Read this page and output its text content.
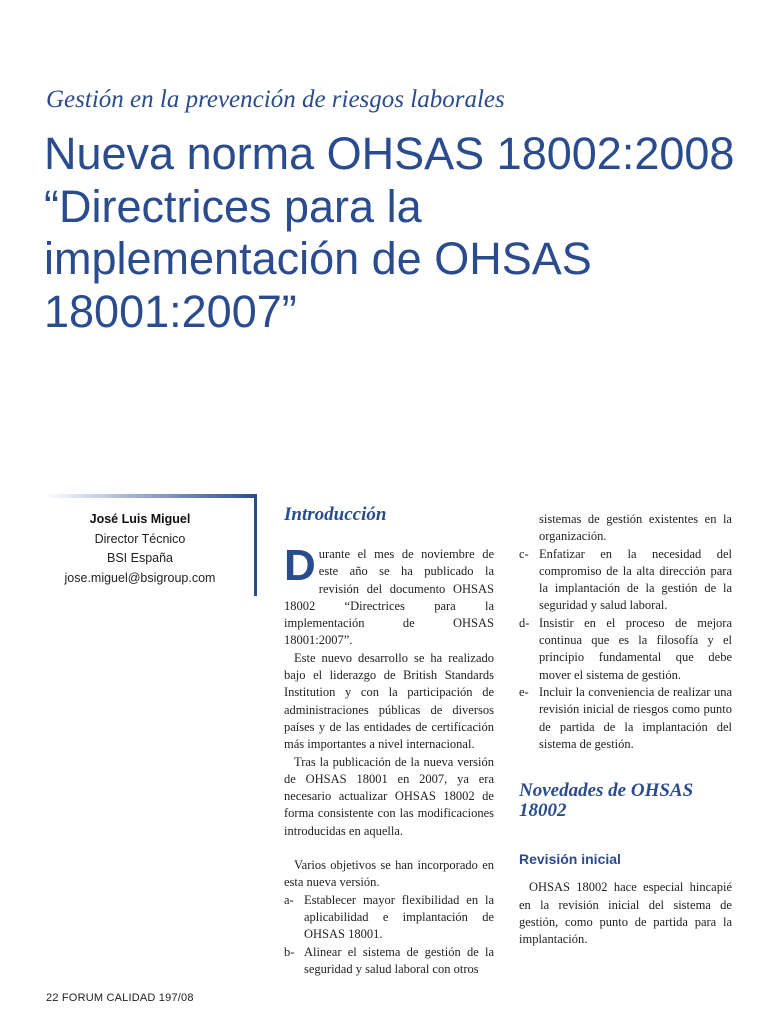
Gestión en la prevención de riesgos laborales
Nueva norma OHSAS 18002:2008 “Directrices para la implementación de OHSAS 18001:2007”
José Luis Miguel
Director Técnico
BSI España
jose.miguel@bsigroup.com
Introducción

Durante el mes de noviembre de este año se ha publicado la revisión del documento OHSAS 18002 “Directrices para la implementación de OHSAS 18001:2007”.

Este nuevo desarrollo se ha realizado bajo el liderazgo de British Standards Institution y con la participación de administraciones públicas de diversos países y de las entidades de certificación más importantes a nivel internacional.

Tras la publicación de la nueva versión de OHSAS 18001 en 2007, ya era necesario actualizar OHSAS 18002 de forma consistente con las modificaciones introducidas en aquella.

Varios objetivos se han incorporado en esta nueva versión.

a- Establecer mayor flexibilidad en la aplicabilidad e implantación de OHSAS 18001.

b- Alinear el sistema de gestión de la seguridad y salud laboral con otros

sistemas de gestión existentes en la organización.

c- Enfatizar en la necesidad del compromiso de la alta dirección para la implantación de la gestión de la seguridad y salud laboral.

d- Insistir en el proceso de mejora continua que es la filosofía y el principio fundamental que debe mover el sistema de gestión.

e- Incluir la conveniencia de realizar una revisión inicial de riesgos como punto de partida de la implantación del sistema de gestión.

Novedades de OHSAS 18002
Revisión inicial

OHSAS 18002 hace especial hincapié en la revisión inicial del sistema de gestión, como punto de partida para la implantación.

22 FORUM CALIDAD 197/08
